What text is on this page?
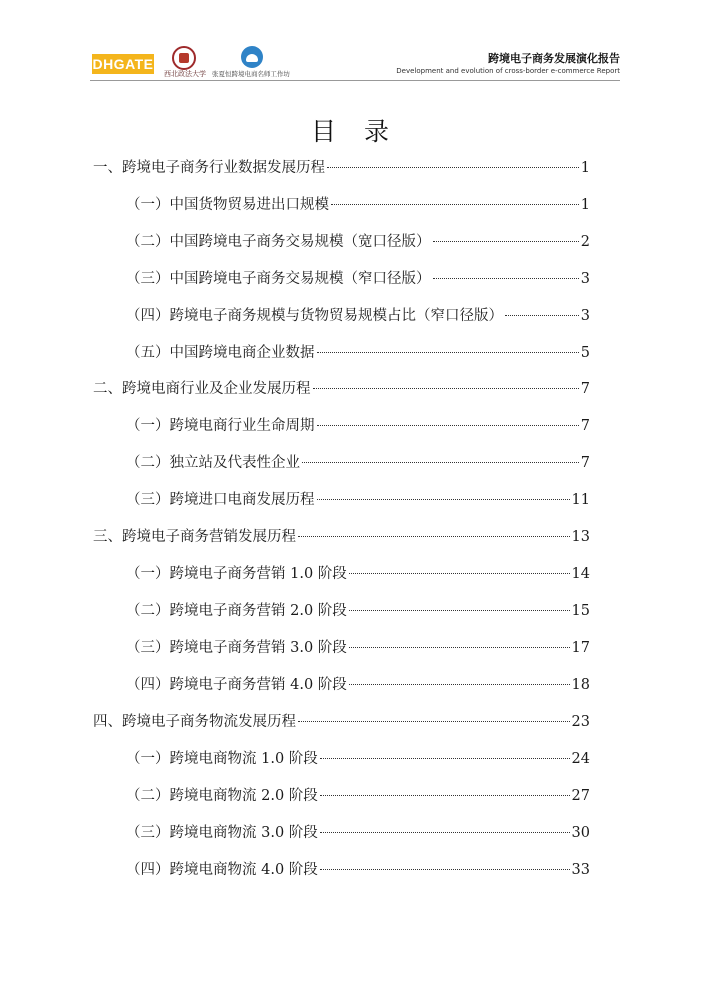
DHGATE
西北政法大学 张夏恒跨境电商名师工作坊
跨境电子商务发展演化报告
Development and evolution of cross-border e-commerce Report
目 录
一、跨境电子商务行业数据发展历程	1
（一）中国货物贸易进出口规模	1
（二）中国跨境电子商务交易规模（宽口径版）	2
（三）中国跨境电子商务交易规模（窄口径版）	3
（四）跨境电子商务规模与货物贸易规模占比（窄口径版）	3
（五）中国跨境电商企业数据	5
二、跨境电商行业及企业发展历程	7
（一）跨境电商行业生命周期	7
（二）独立站及代表性企业	7
（三）跨境进口电商发展历程	11
三、跨境电子商务营销发展历程	13
（一）跨境电子商务营销 1.0 阶段	14
（二）跨境电子商务营销 2.0 阶段	15
（三）跨境电子商务营销 3.0 阶段	17
（四）跨境电子商务营销 4.0 阶段	18
四、跨境电子商务物流发展历程	23
（一）跨境电商物流 1.0 阶段	24
（二）跨境电商物流 2.0 阶段	27
（三）跨境电商物流 3.0 阶段	30
（四）跨境电商物流 4.0 阶段	33
